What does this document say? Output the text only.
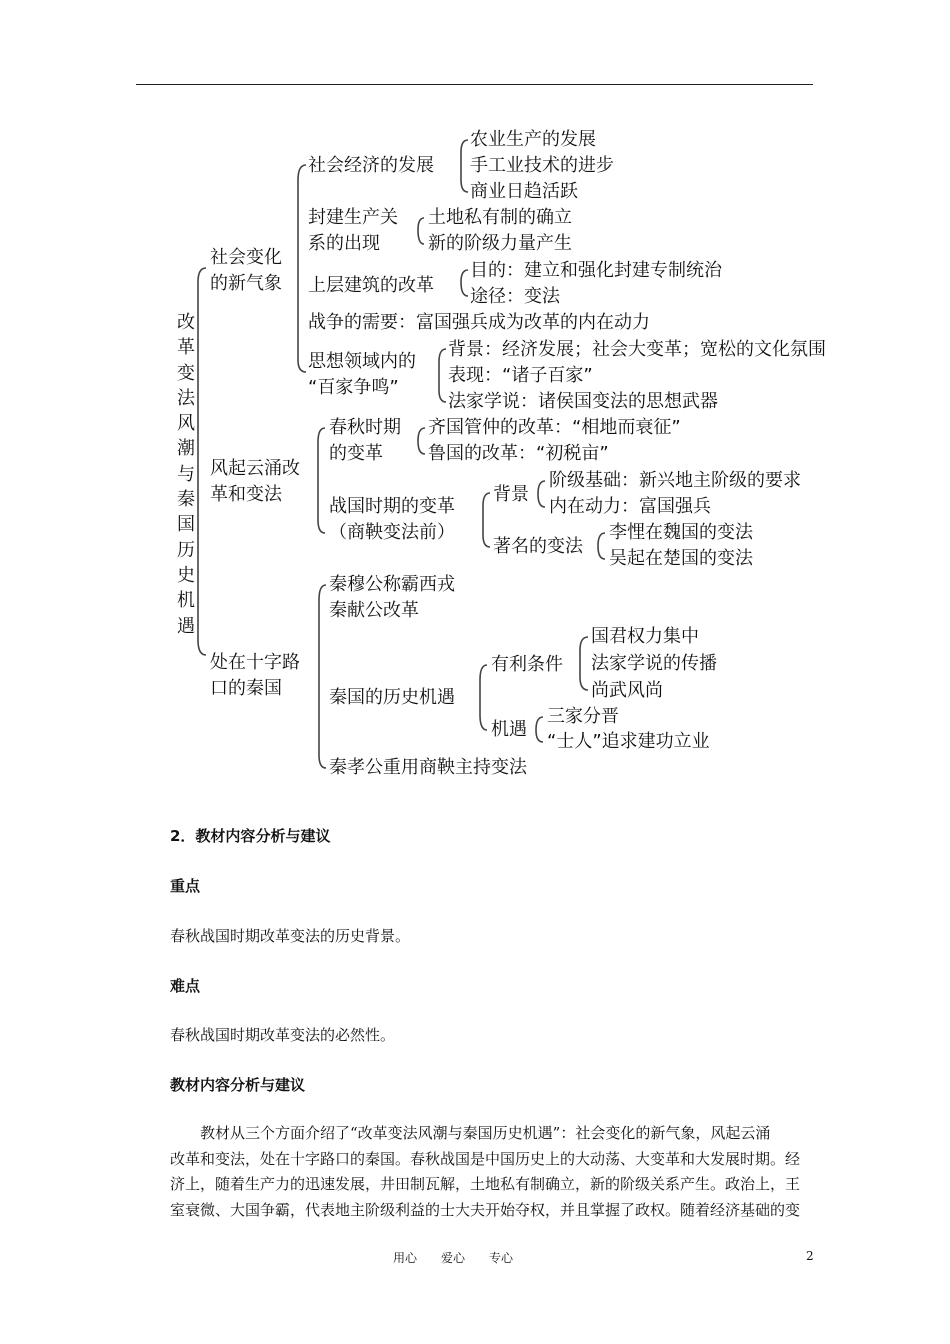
改
革
变
法
风
潮
与
秦
国
历
史
机
遇
社会变化
的新气象
风起云涌改
革和变法
处在十字路
口的秦国
社会经济的发展
农业生产的发展
手工业技术的进步
商业日趋活跃
封建生产关
系的出现
土地私有制的确立
新的阶级力量产生
上层建筑的改革
目的：建立和强化封建专制统治
途径：变法
战争的需要：富国强兵成为改革的内在动力
思想领域内的
“百家争鸣”
背景：经济发展；社会大变革；宽松的文化氛围
表现：“诸子百家”
法家学说：诸侯国变法的思想武器
春秋时期
的变革
齐国管仲的改革：“相地而衰征”
鲁国的改革：“初税亩”
战国时期的变革
（商鞅变法前）
背景
阶级基础：新兴地主阶级的要求
内在动力：富国强兵
著名的变法
李悝在魏国的变法
吴起在楚国的变法
秦穆公称霸西戎
秦献公改革
秦国的历史机遇
有利条件
国君权力集中
法家学说的传播
尚武风尚
机遇
三家分晋
“士人”追求建功立业
秦孝公重用商鞅主持变法
2．教材内容分析与建议
重点
春秋战国时期改革变法的历史背景。
难点
春秋战国时期改革变法的必然性。
教材内容分析与建议
教材从三个方面介绍了“改革变法风潮与秦国历史机遇”：社会变化的新气象，风起云涌
改革和变法，处在十字路口的秦国。春秋战国是中国历史上的大动荡、大变革和大发展时期。经
济上，随着生产力的迅速发展，井田制瓦解，土地私有制确立，新的阶级关系产生。政治上，王
室衰微、大国争霸，代表地主阶级利益的士大夫开始夺权，并且掌握了政权。随着经济基础的变
用心　　爱心　　专心	2
